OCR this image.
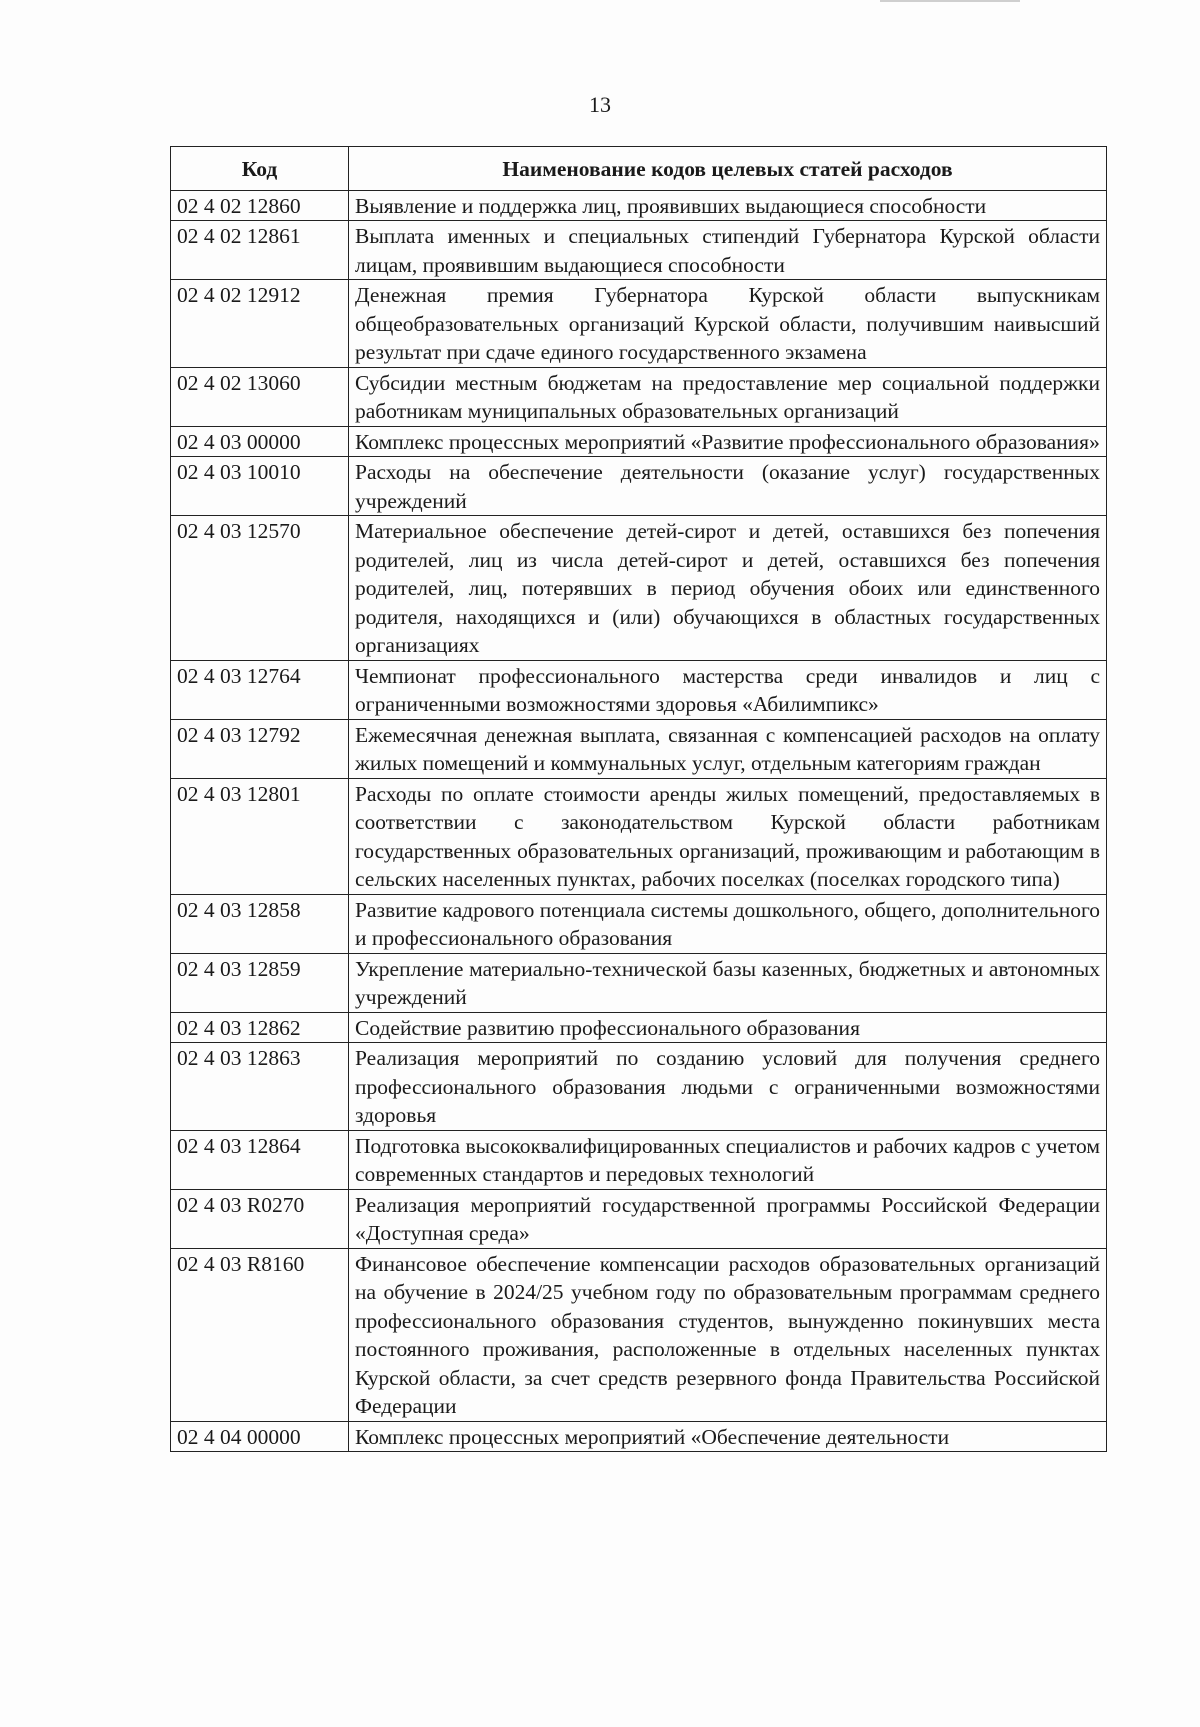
13
Код	Наименование кодов целевых статей расходов
02 4 02 12860	Выявление и поддержка лиц, проявивших выдающиеся способности
02 4 02 12861	Выплата именных и специальных стипендий Губернатора Курской области лицам, проявившим выдающиеся способности
02 4 02 12912	Денежная премия Губернатора Курской области выпускникам общеобразовательных организаций Курской области, получившим наивысший результат при сдаче единого государственного экзамена
02 4 02 13060	Субсидии местным бюджетам на предоставление мер социальной поддержки работникам муниципальных образовательных организаций
02 4 03 00000	Комплекс процессных мероприятий «Развитие профессионального образования»
02 4 03 10010	Расходы на обеспечение деятельности (оказание услуг) государственных учреждений
02 4 03 12570	Материальное обеспечение детей-сирот и детей, оставшихся без попечения родителей, лиц из числа детей-сирот и детей, оставшихся без попечения родителей, лиц, потерявших в период обучения обоих или единственного родителя, находящихся и (или) обучающихся в областных государственных организациях
02 4 03 12764	Чемпионат профессионального мастерства среди инвалидов и лиц с ограниченными возможностями здоровья «Абилимпикс»
02 4 03 12792	Ежемесячная денежная выплата, связанная с компенсацией расходов на оплату жилых помещений и коммунальных услуг, отдельным категориям граждан
02 4 03 12801	Расходы по оплате стоимости аренды жилых помещений, предоставляемых в соответствии с законодательством Курской области работникам государственных образовательных организаций, проживающим и работающим в сельских населенных пунктах, рабочих поселках (поселках городского типа)
02 4 03 12858	Развитие кадрового потенциала системы дошкольного, общего, дополнительного и профессионального образования
02 4 03 12859	Укрепление материально-технической базы казенных, бюджетных и автономных учреждений
02 4 03 12862	Содействие развитию профессионального образования
02 4 03 12863	Реализация мероприятий по созданию условий для получения среднего профессионального образования людьми с ограниченными возможностями здоровья
02 4 03 12864	Подготовка высококвалифицированных специалистов и рабочих кадров с учетом современных стандартов и передовых технологий
02 4 03 R0270	Реализация мероприятий государственной программы Российской Федерации «Доступная среда»
02 4 03 R8160	Финансовое обеспечение компенсации расходов образовательных организаций на обучение в 2024/25 учебном году по образовательным программам среднего профессионального образования студентов, вынужденно покинувших места постоянного проживания, расположенные в отдельных населенных пунктах Курской области, за счет средств резервного фонда Правительства Российской Федерации
02 4 04 00000	Комплекс процессных мероприятий «Обеспечение деятельности
